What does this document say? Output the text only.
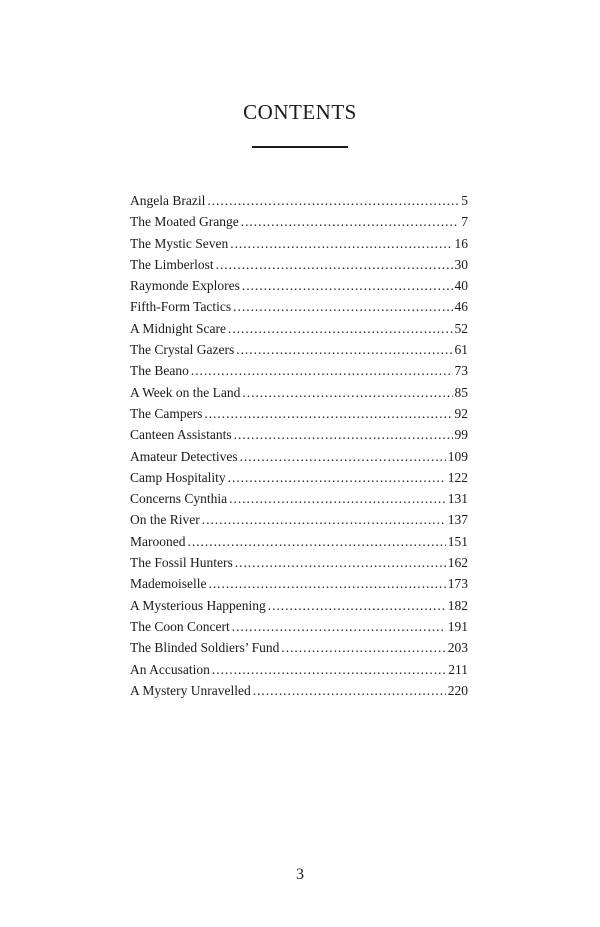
CONTENTS
Angela Brazil . . .	5
The Moated Grange . . .	7
The Mystic Seven . . .	16
The Limberlost . . .	30
Raymonde Explores . . .	40
Fifth-Form Tactics . . .	46
A Midnight Scare . . .	52
The Crystal Gazers . . .	61
The Beano . . .	73
A Week on the Land . . .	85
The Campers . . .	92
Canteen Assistants . . .	99
Amateur Detectives . . .	109
Camp Hospitality . . .	122
Concerns Cynthia . . .	131
On the River . . .	137
Marooned . . .	151
The Fossil Hunters . . .	162
Mademoiselle . . .	173
A Mysterious Happening . . .	182
The Coon Concert . . .	191
The Blinded Soldiers’ Fund . . .	203
An Accusation . . .	211
A Mystery Unravelled . . .	220
3
